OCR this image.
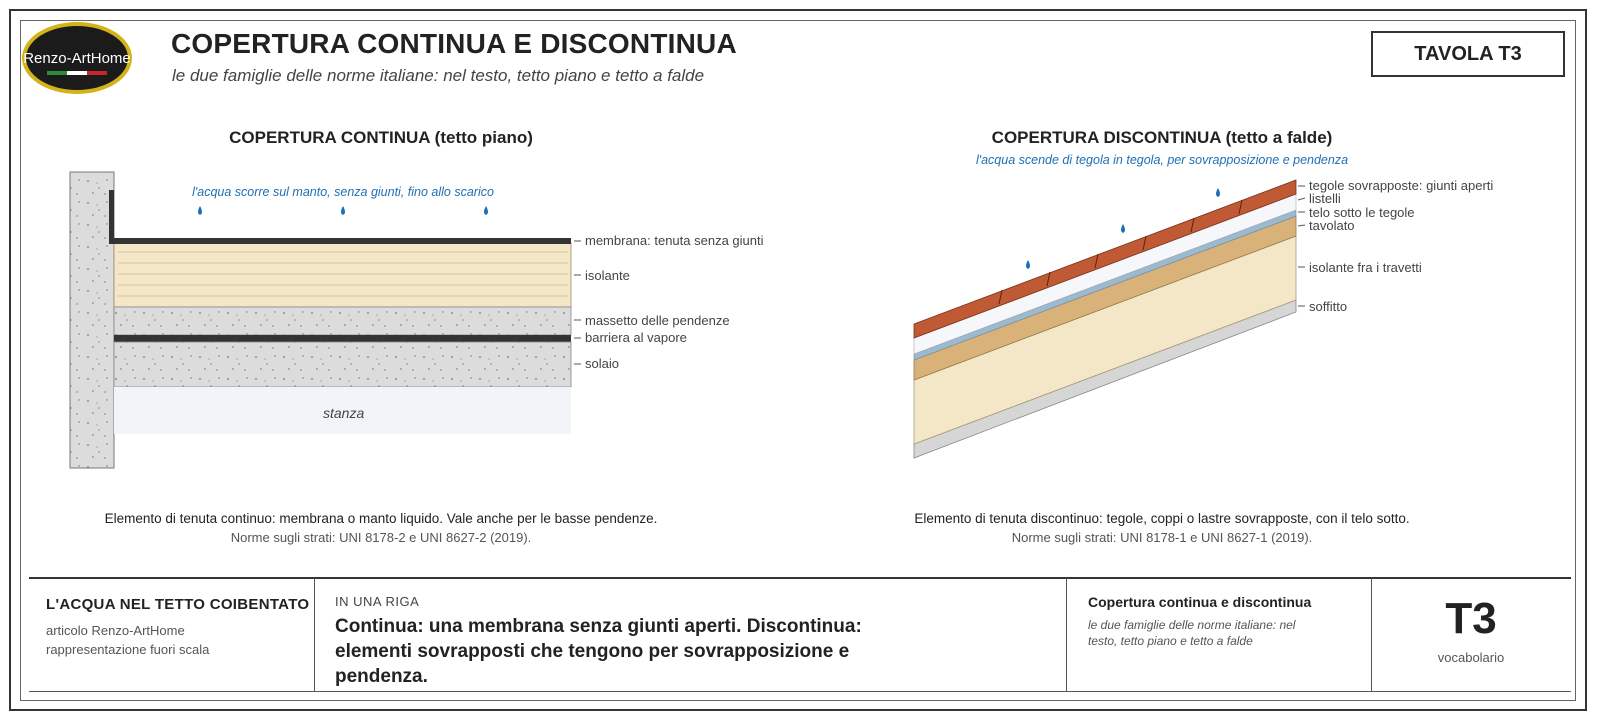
Renzo-ArtHome COPERTURA CONTINUA E DISCONTINUA
le due famiglie delle norme italiane: nel testo, tetto piano e tetto a falde
TAVOLA T3
COPERTURA CONTINUA (tetto piano)
l'acqua scorre sul manto, senza giunti, fino allo scarico
COPERTURA DISCONTINUA (tetto a falde)
l'acqua scende di tegola in tegola, per sovrapposizione e pendenza
membrana: tenuta senza giunti
isolante
massetto delle pendenze
barriera al vapore
solaio
stanza
tegole sovrapposte: giunti aperti
listelli
telo sotto le tegole
tavolato
isolante fra i travetti
soffitto
Elemento di tenuta continuo: membrana o manto liquido. Vale anche per le basse pendenze.
Norme sugli strati: UNI 8178-2 e UNI 8627-2 (2019).
Elemento di tenuta discontinuo: tegole, coppi o lastre sovrapposte, con il telo sotto.
Norme sugli strati: UNI 8178-1 e UNI 8627-1 (2019).
L'ACQUA NEL TETTO COIBENTATO
articolo Renzo-ArtHome
rappresentazione fuori scala
IN UNA RIGA
Continua: una membrana senza giunti aperti. Discontinua: elementi sovrapposti che tengono per sovrapposizione e pendenza.
Copertura continua e discontinua
le due famiglie delle norme italiane: nel testo, tetto piano e tetto a falde	T3
vocabolario
